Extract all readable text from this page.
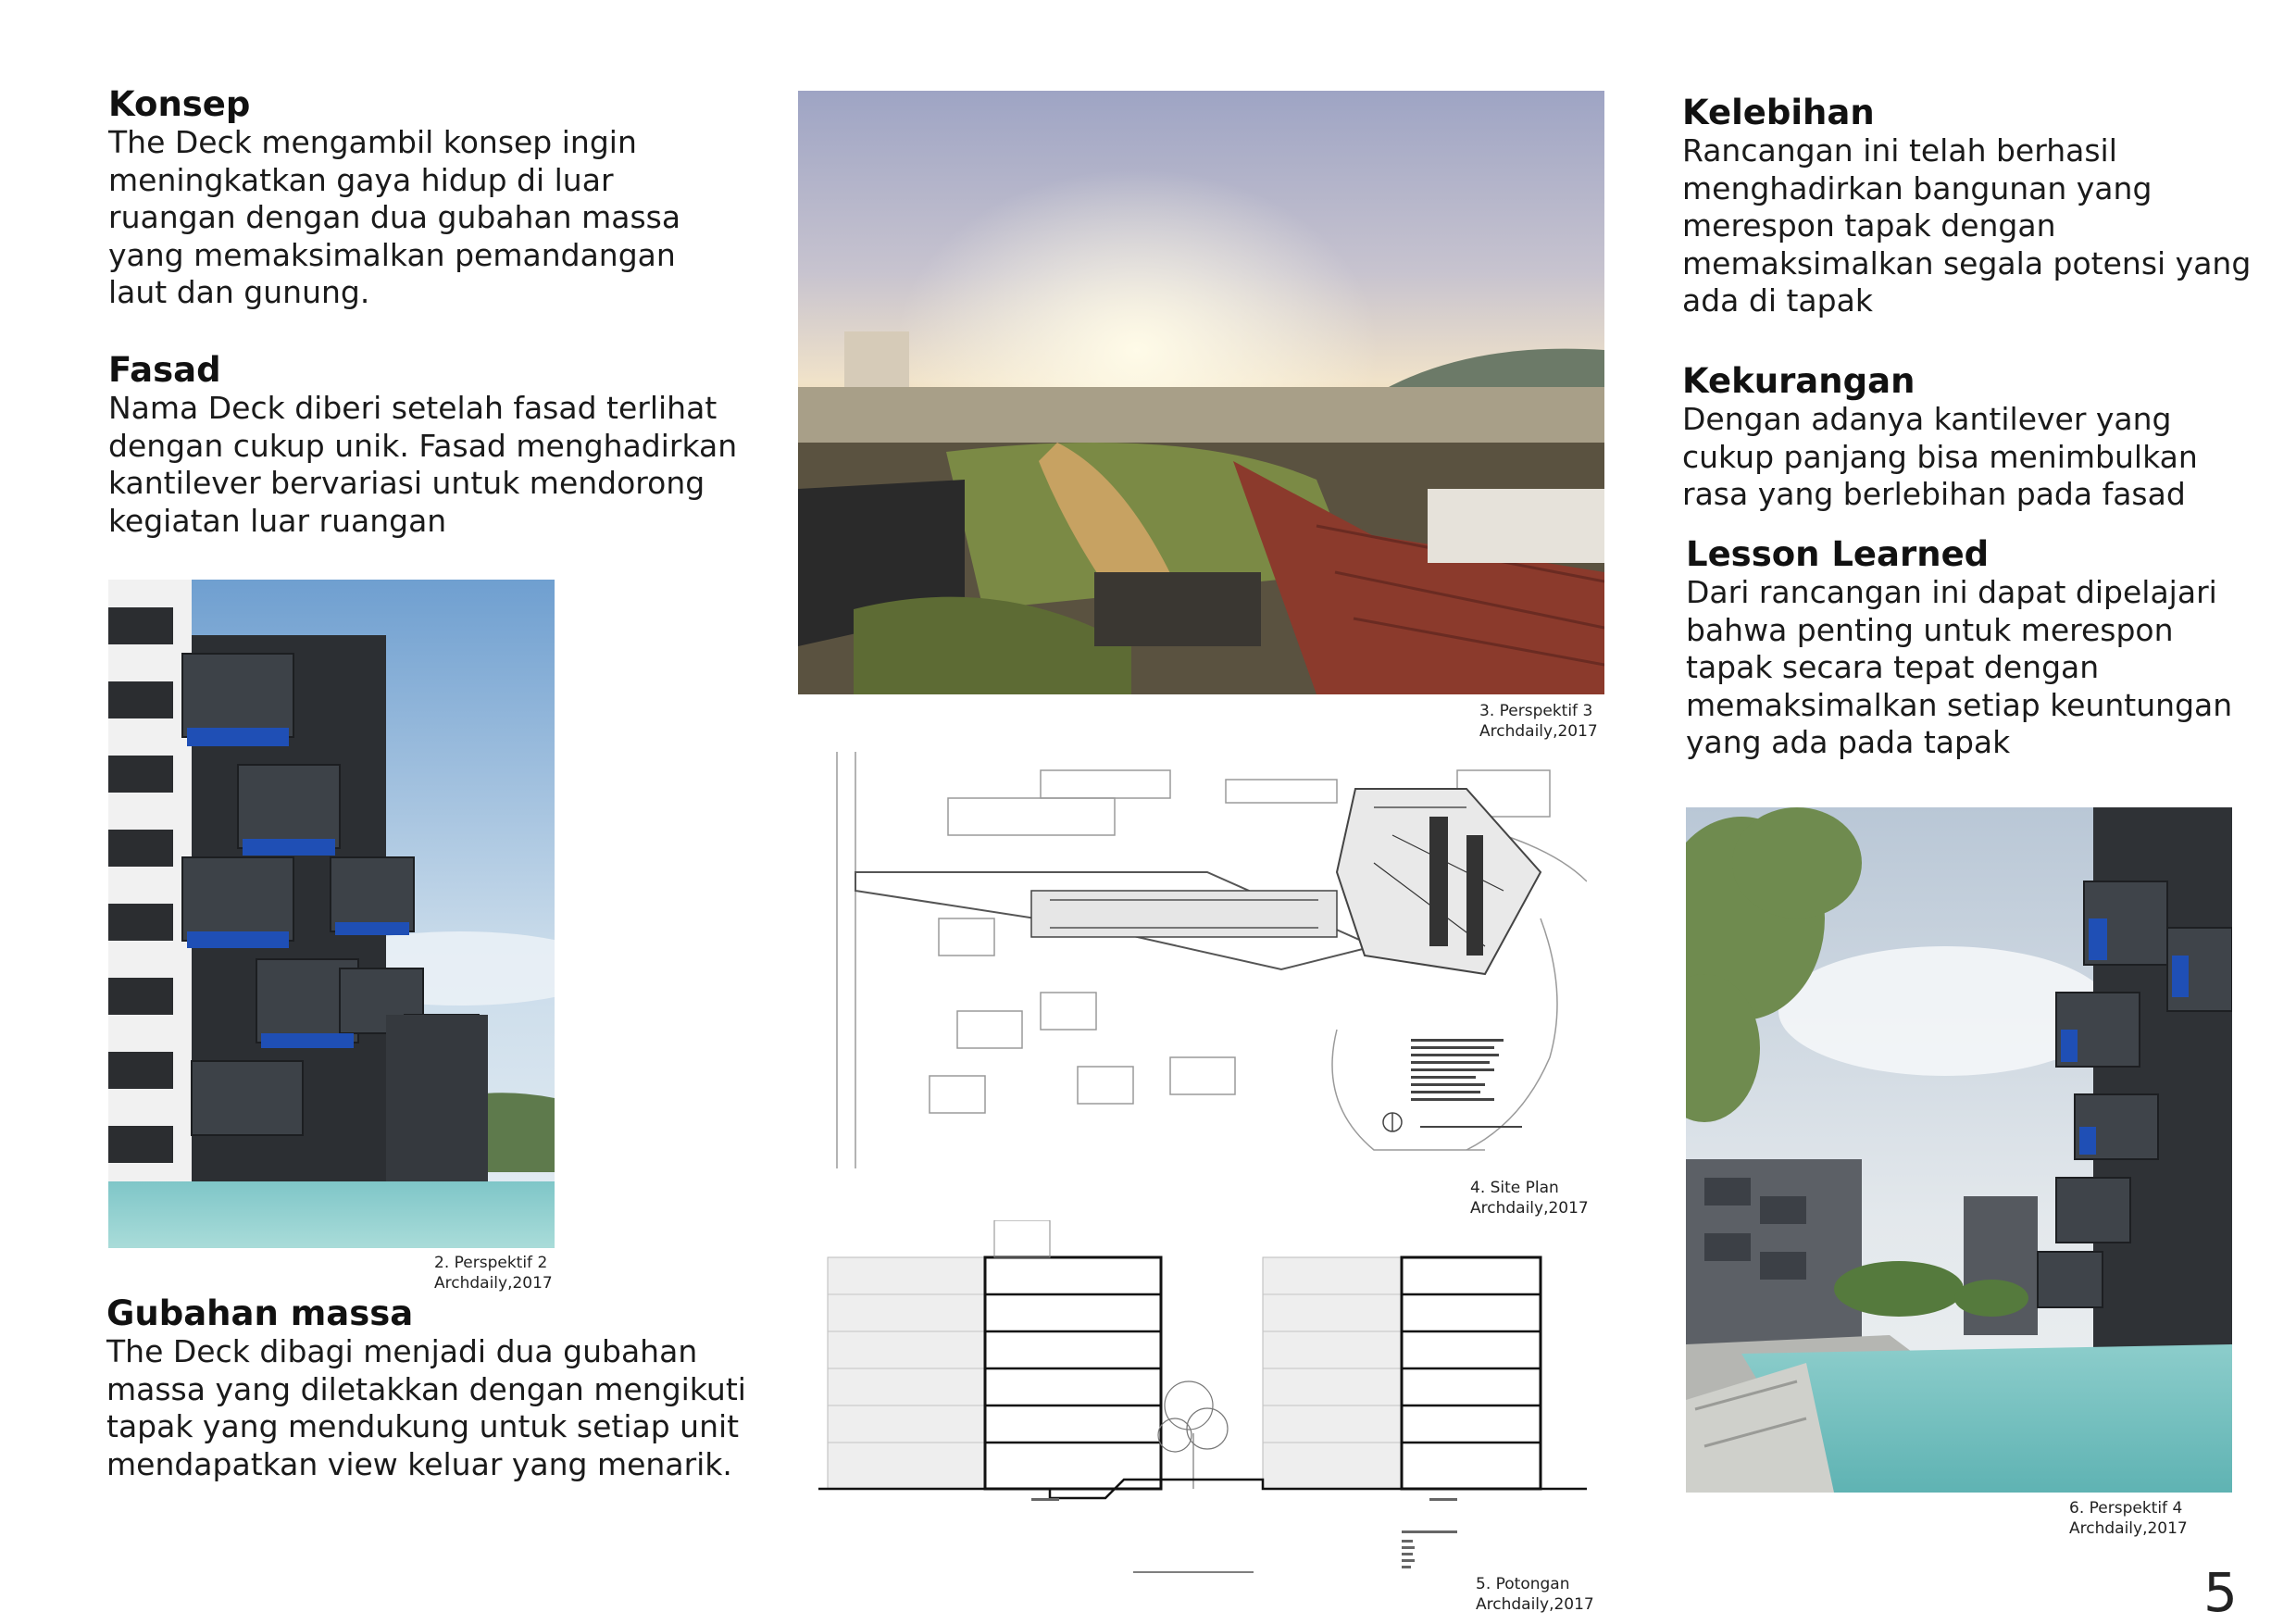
Konsep
The Deck mengambil konsep ingin
meningkatkan gaya hidup di luar
ruangan dengan dua gubahan massa
yang memaksimalkan pemandangan
laut dan gunung.
Fasad
Nama Deck diberi setelah fasad terlihat
dengan cukup unik. Fasad menghadirkan
kantilever bervariasi untuk mendorong
kegiatan luar ruangan
2. Perspektif 2
Archdaily,2017
Gubahan massa
The Deck dibagi menjadi dua gubahan
massa yang diletakkan dengan mengikuti
tapak yang mendukung untuk setiap unit
mendapatkan view keluar yang menarik.
3. Perspektif 3
Archdaily,2017
4. Site Plan
Archdaily,2017
5. Potongan
Archdaily,2017
Kelebihan
Rancangan ini telah berhasil
menghadirkan bangunan yang
merespon tapak dengan
memaksimalkan segala potensi yang
ada di tapak
Kekurangan
Dengan adanya kantilever yang
cukup panjang bisa menimbulkan
rasa yang berlebihan pada fasad
Lesson Learned
Dari rancangan ini dapat dipelajari
bahwa penting untuk merespon
tapak secara tepat dengan
memaksimalkan setiap keuntungan
yang ada pada tapak
6. Perspektif 4
Archdaily,2017
5
